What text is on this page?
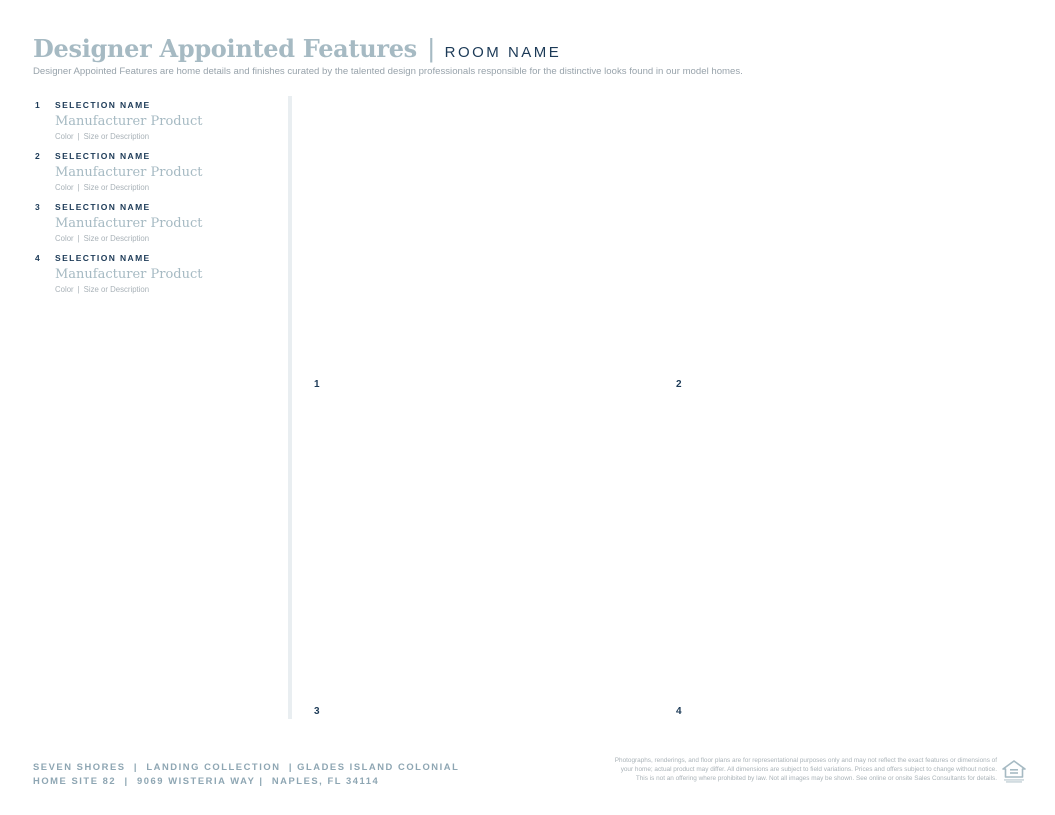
Designer Appointed Features | ROOM NAME
Designer Appointed Features are home details and finishes curated by the talented design professionals responsible for the distinctive looks found in our model homes.
1 SELECTION NAME
Manufacturer Product
Color | Size or Description
2 SELECTION NAME
Manufacturer Product
Color | Size or Description
3 SELECTION NAME
Manufacturer Product
Color | Size or Description
4 SELECTION NAME
Manufacturer Product
Color | Size or Description
1	2
3	4
SEVEN SHORES  |  LANDING COLLECTION  | GLADES ISLAND COLONIAL
HOME SITE 82  |  9069 WISTERIA WAY |  NAPLES, FL 34114
Photographs, renderings, and floor plans are for representational purposes only and may not reflect the exact features or dimensions of
your home; actual product may differ. All dimensions are subject to field variations. Prices and offers subject to change without notice.
This is not an offering where prohibited by law. Not all images may be shown. See online or onsite Sales Consultants for details.
